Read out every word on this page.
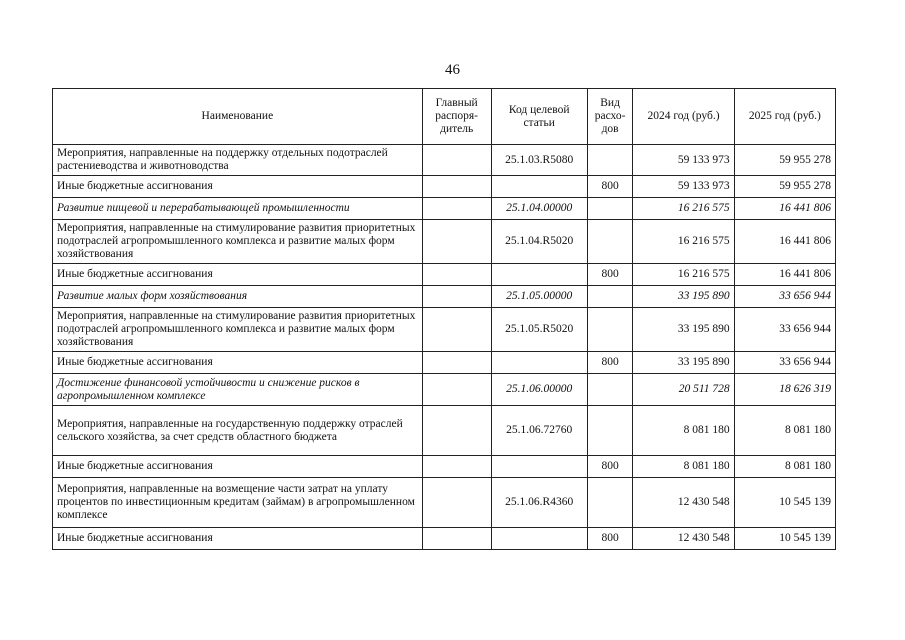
46
Наименование	Главный распоря-дитель	Код целевой статьи	Вид расхо-дов	2024 год (руб.)	2025 год (руб.)
Мероприятия, направленные на поддержку отдельных подотраслей растениеводства и животноводства		25.1.03.R5080		59 133 973	59 955 278
Иные бюджетные ассигнования			800	59 133 973	59 955 278
Развитие пищевой и перерабатывающей промышленности		25.1.04.00000		16 216 575	16 441 806
Мероприятия, направленные на стимулирование развития приоритетных подотраслей агропромышленного комплекса и развитие малых форм хозяйствования		25.1.04.R5020		16 216 575	16 441 806
Иные бюджетные ассигнования			800	16 216 575	16 441 806
Развитие малых форм хозяйствования		25.1.05.00000		33 195 890	33 656 944
Мероприятия, направленные на стимулирование развития приоритетных подотраслей агропромышленного комплекса и развитие малых форм хозяйствования		25.1.05.R5020		33 195 890	33 656 944
Иные бюджетные ассигнования			800	33 195 890	33 656 944
Достижение финансовой устойчивости и снижение рисков в агропромышленном комплексе		25.1.06.00000		20 511 728	18 626 319
Мероприятия, направленные на государственную поддержку отраслей сельского хозяйства, за счет средств областного бюджета		25.1.06.72760		8 081 180	8 081 180
Иные бюджетные ассигнования			800	8 081 180	8 081 180
Мероприятия, направленные на возмещение части затрат на уплату процентов по инвестиционным кредитам (займам) в агропромышленном комплексе		25.1.06.R4360		12 430 548	10 545 139
Иные бюджетные ассигнования			800	12 430 548	10 545 139
